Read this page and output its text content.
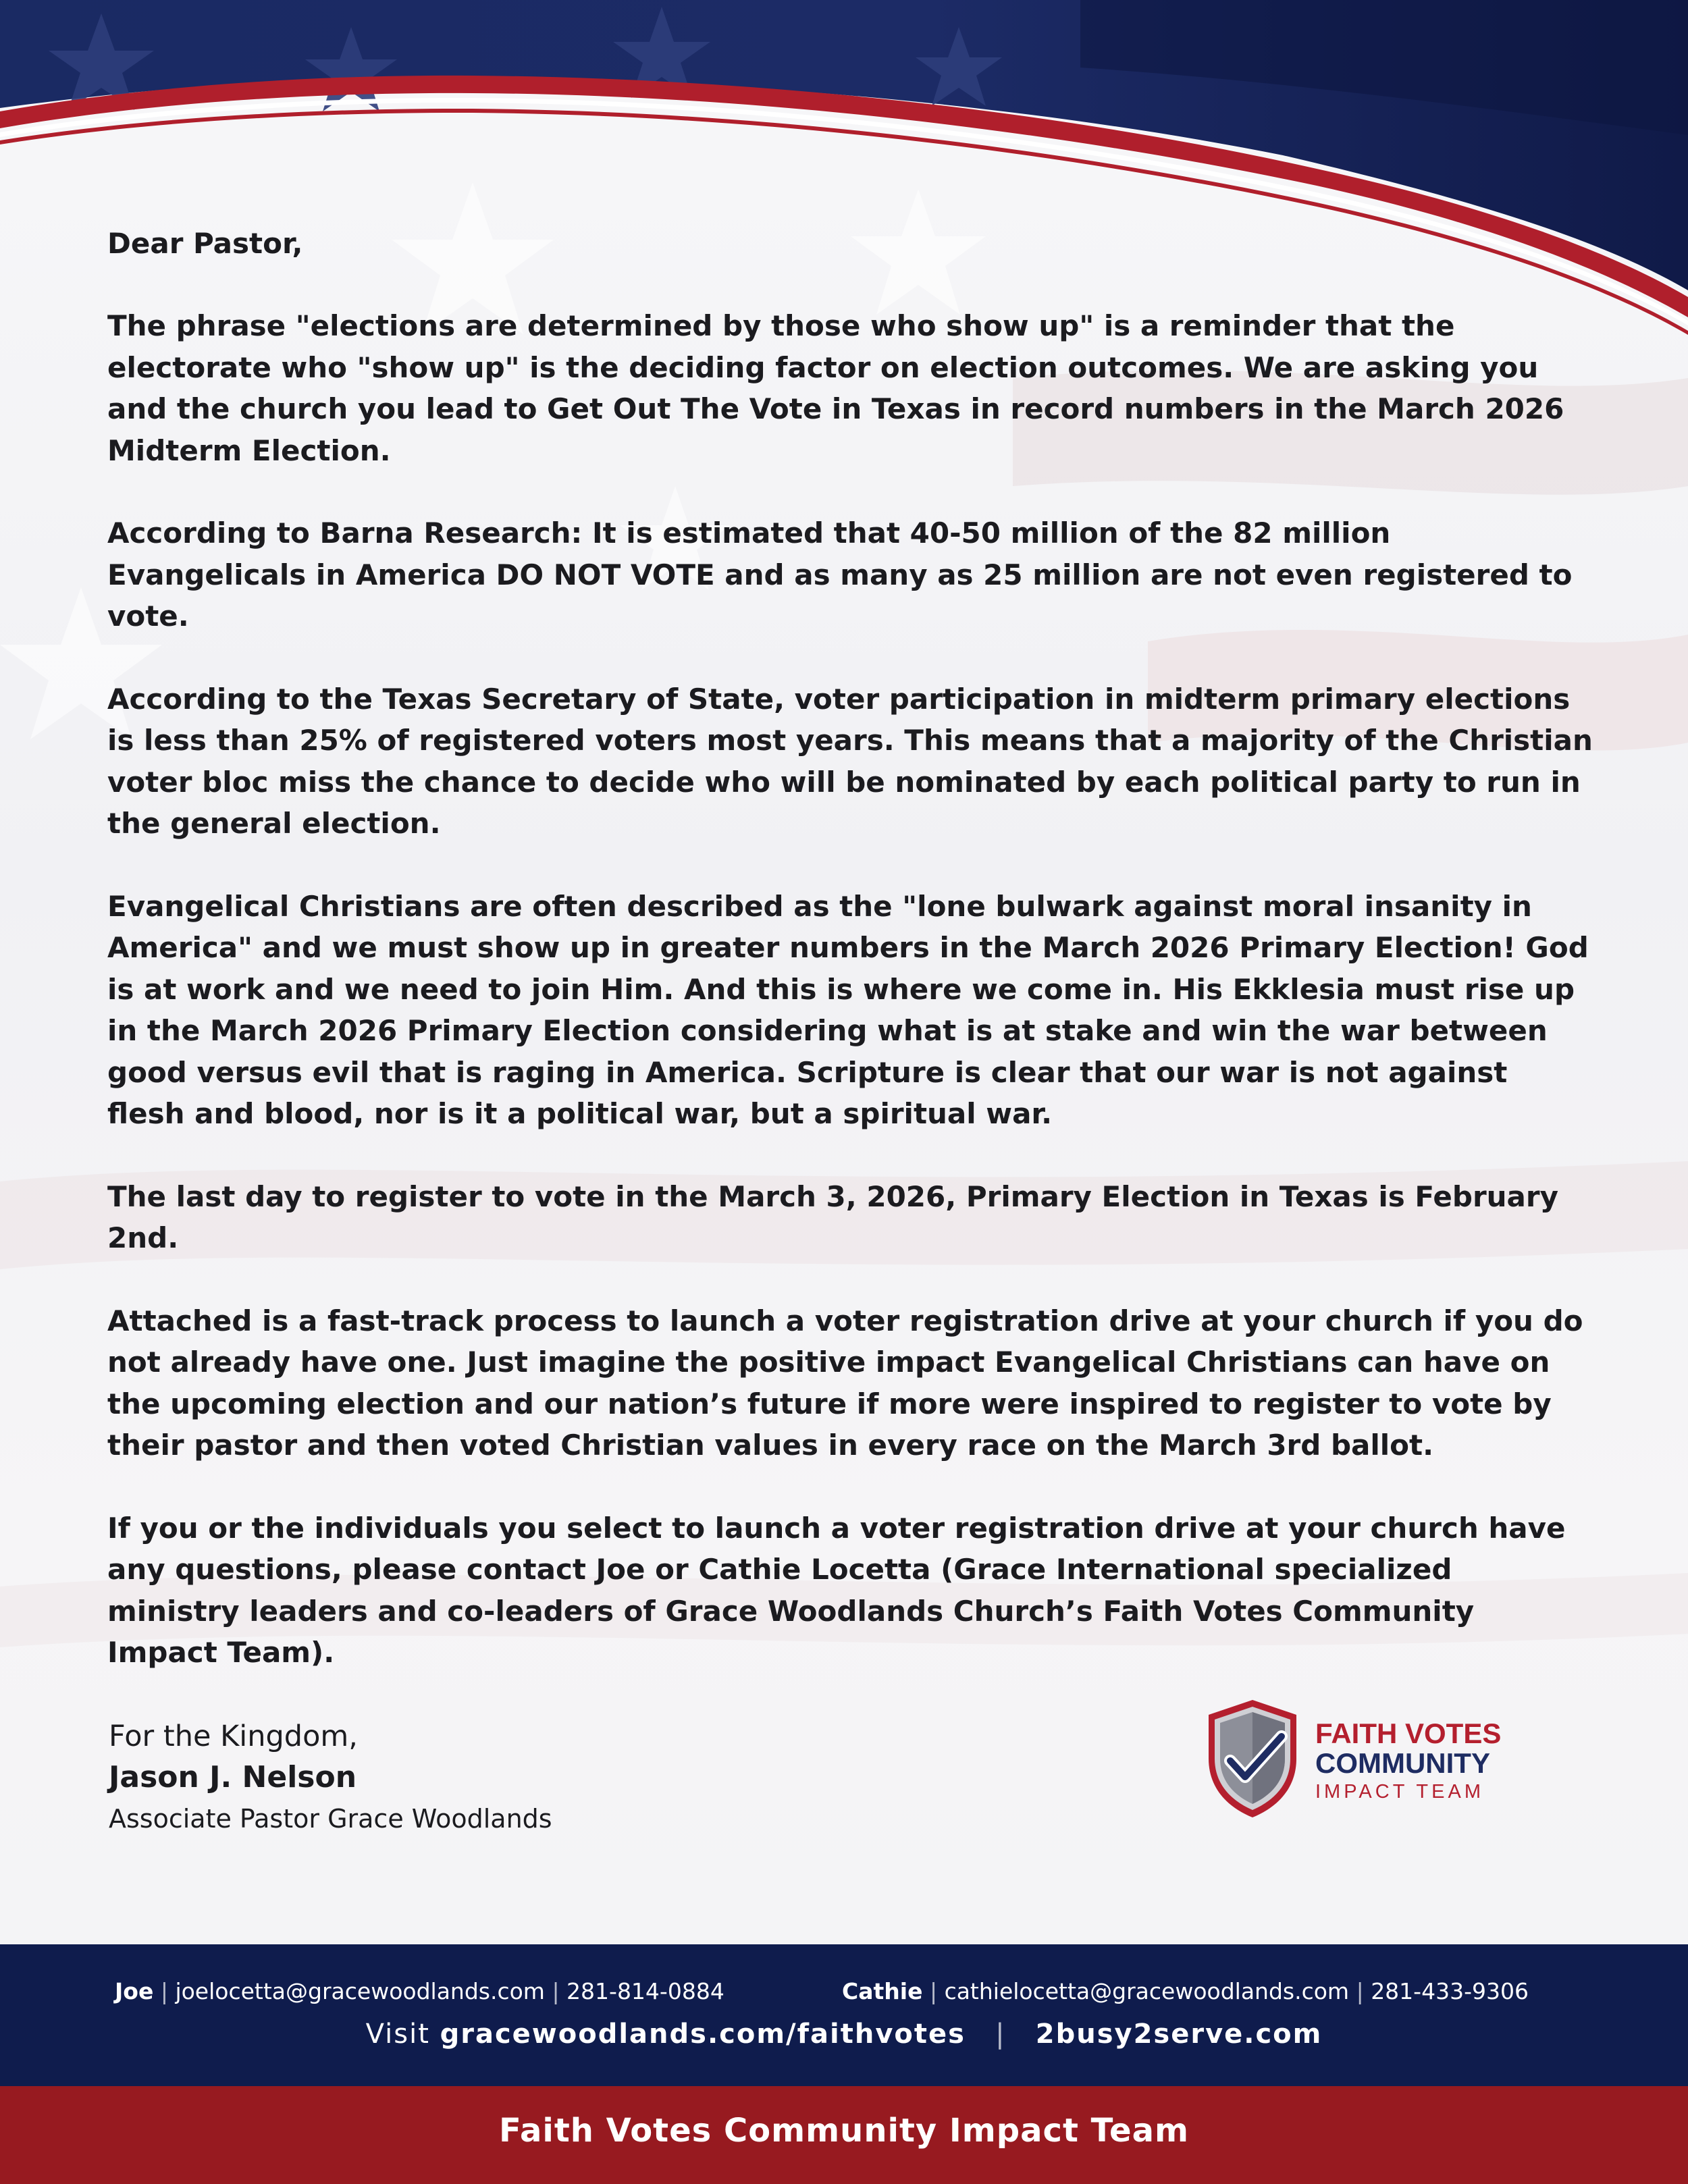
Dear Pastor,

The phrase "elections are determined by those who show up" is a reminder that the electorate who "show up" is the deciding factor on election outcomes. We are asking you and the church you lead to Get Out The Vote in Texas in record numbers in the March 2026 Midterm Election.

According to Barna Research: It is estimated that 40-50 million of the 82 million Evangelicals in America DO NOT VOTE and as many as 25 million are not even registered to vote.

According to the Texas Secretary of State, voter participation in midterm primary elections is less than 25% of registered voters most years. This means that a majority of the Christian voter bloc miss the chance to decide who will be nominated by each political party to run in the general election.

Evangelical Christians are often described as the "lone bulwark against moral insanity in America" and we must show up in greater numbers in the March 2026 Primary Election! God is at work and we need to join Him. And this is where we come in. His Ekklesia must rise up in the March 2026 Primary Election considering what is at stake and win the war between good versus evil that is raging in America. Scripture is clear that our war is not against flesh and blood, nor is it a political war, but a spiritual war.

The last day to register to vote in the March 3, 2026, Primary Election in Texas is February 2nd.

Attached is a fast-track process to launch a voter registration drive at your church if you do not already have one. Just imagine the positive impact Evangelical Christians can have on the upcoming election and our nation’s future if more were inspired to register to vote by their pastor and then voted Christian values in every race on the March 3rd ballot.

If you or the individuals you select to launch a voter registration drive at your church have any questions, please contact Joe or Cathie Locetta (Grace International specialized ministry leaders and co-leaders of Grace Woodlands Church’s Faith Votes Community Impact Team).

For the Kingdom,
Jason J. Nelson
Associate Pastor Grace Woodlands
FAITH VOTES
COMMUNITY
IMPACT TEAM
Joe | joelocetta@gracewoodlands.com | 281-814-0884	Cathie | cathielocetta@gracewoodlands.com | 281-433-9306
Visit gracewoodlands.com/faithvotes   |   2busy2serve.com
Faith Votes Community Impact Team
